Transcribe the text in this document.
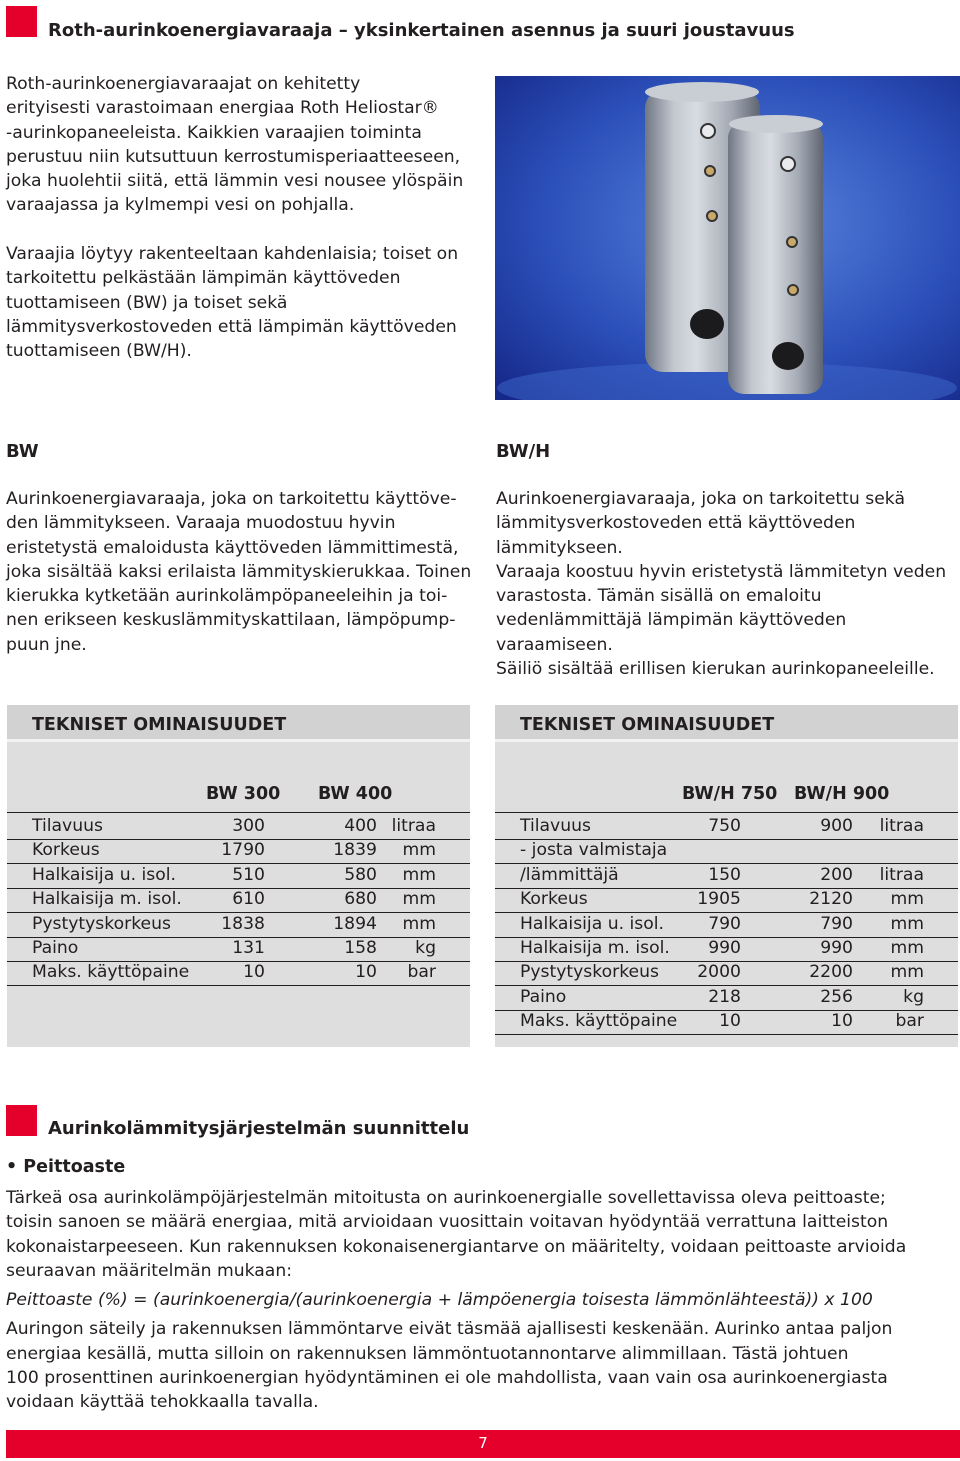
Roth-aurinkoenergiavaraaja – yksinkertainen asennus ja suuri joustavuus

Roth-aurinkoenergiavaraajat on kehitetty

erityisesti varastoimaan energiaa Roth Heliostar®

-aurinkopaneeleista. Kaikkien varaajien toiminta

perustuu niin kutsuttuun kerrostumisperiaatteeseen,

joka huolehtii siitä, että lämmin vesi nousee ylöspäin

varaajassa ja kylmempi vesi on pohjalla.

Varaajia löytyy rakenteeltaan kahdenlaisia; toiset on

tarkoitettu pelkästään lämpimän käyttöveden

tuottamiseen (BW) ja toiset sekä

lämmitysverkostoveden että lämpimän käyttöveden

tuottamiseen (BW/H).

BW

Aurinkoenergiavaraaja, joka on tarkoitettu käyttöve-

den lämmitykseen. Varaaja muodostuu hyvin

eristetystä emaloidusta käyttöveden lämmittimestä,

joka sisältää kaksi erilaista lämmityskierukkaa. Toinen

kierukka kytketään aurinkolämpöpaneeleihin ja toi-

nen erikseen keskuslämmityskattilaan, lämpöpump-

puun jne.

BW/H

Aurinkoenergiavaraaja, joka on tarkoitettu sekä

lämmitysverkostoveden että käyttöveden

lämmitykseen.

Varaaja koostuu hyvin eristetystä lämmitetyn veden

varastosta. Tämän sisällä on emaloitu

vedenlämmittäjä lämpimän käyttöveden varaamiseen.

Säiliö sisältää erillisen kierukan aurinkopaneeleille.

TEKNISET OMINAISUUDET
BW 300 BW 400
Tilavuus	300	400 litraa
Korkeus	1790	1839 mm
Halkaisija u. isol.	510	580 mm
Halkaisija m. isol.	610	680 mm
Pystytyskorkeus	1838	1894 mm
Paino	131	158 kg
Maks. käyttöpaine	10	10 bar
TEKNISET OMINAISUUDET
BW/H 750 BW/H 900
Tilavuus	750	900 litraa
- josta valmistaja
/lämmittäjä	150	200 litraa
Korkeus	1905	2120 mm
Halkaisija u. isol.	790	790 mm
Halkaisija m. isol. 990	990 mm
Pystytyskorkeus 2000	2200 mm
Paino	218	256	kg
Maks. käyttöpaine 10	10 bar
Aurinkolämmitysjärjestelmän suunnittelu
• Peittoaste

Tärkeä osa aurinkolämpöjärjestelmän mitoitusta on aurinkoenergialle sovellettavissa oleva peittoaste;

toisin sanoen se määrä energiaa, mitä arvioidaan vuosittain voitavan hyödyntää verrattuna laitteiston

kokonaistarpeeseen. Kun rakennuksen kokonaisenergiantarve on määritelty, voidaan peittoaste arvioida

seuraavan määritelmän mukaan:

Peittoaste (%) = (aurinkoenergia/(aurinkoenergia + lämpöenergia toisesta lämmönlähteestä)) x 100

Auringon säteily ja rakennuksen lämmöntarve eivät täsmää ajallisesti keskenään. Aurinko antaa paljon

energiaa kesällä, mutta silloin on rakennuksen lämmöntuotannontarve alimmillaan. Tästä johtuen

100 prosenttinen aurinkoenergian hyödyntäminen ei ole mahdollista, vaan vain osa aurinkoenergiasta

voidaan käyttää tehokkaalla tavalla.

7
